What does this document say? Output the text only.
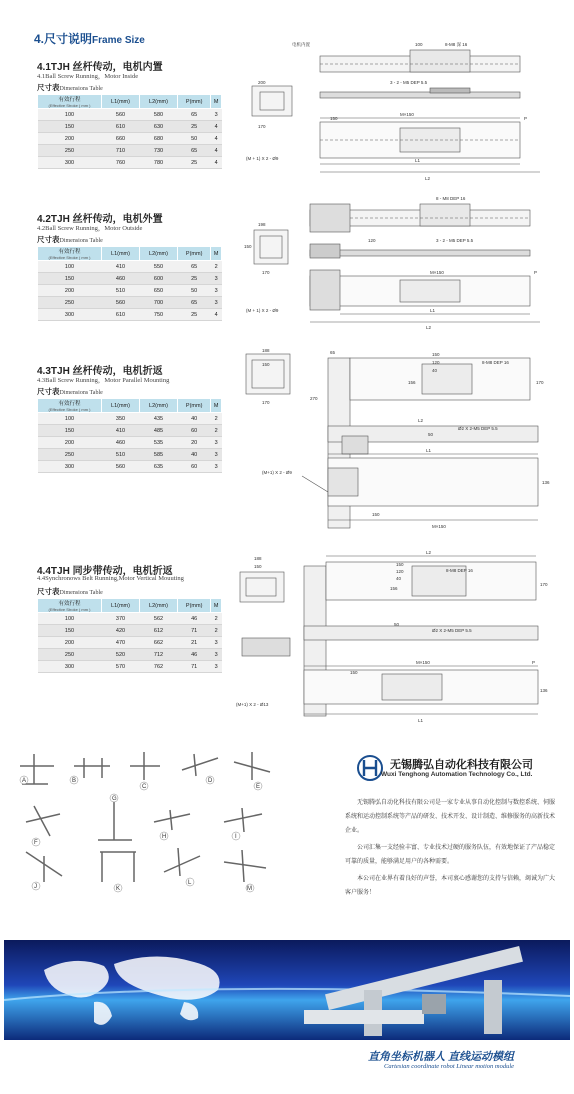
4.尺寸说明Frame Size
4.1TJH 丝杆传动，电机内置
4.1Ball Screw Running，Motor Inside
尺寸表Dimensions Table
有效行程
(Effective Stroke ( mm )	L1(mm)	L2(mm)	P(mm)	M
100	560	580	65	3
150	610	630	25	4
200	660	680	50	4
250	710	730	65	4
300	760	780	25	4
电机内置	100	8-M8 深 16
3 - 2 - M5 DEP 5.5
200
M×150
P
L1
L2
(M + 1) X 2 - Ø9
170
150
4.2TJH 丝杆传动，电机外置
4.2Ball Screw Running，Motor Outside
尺寸表Dimensions Table
有效行程
(Effective Stroke ( mm )	L1(mm)	L2(mm)	P(mm)	M
100	410	550	65	2
150	460	600	25	3
200	510	650	50	3
250	560	700	65	3
300	610	750	25	4
8 - M8 DEP 16
198
150
170
3 - 2 - M5 DEP 5.5
M×150	P
L1
L2
(M + 1) X 2 - Ø9
120
4.3TJH 丝杆传动，电机折返
4.3Ball Screw Running，Motor Parallel Mounting
尺寸表Dimensions Table
有效行程
(Effective Stroke ( mm )	L1(mm)	L2(mm)	P(mm)	M
100	350	435	40	2
150	410	485	60	2
200	460	535	20	3
250	510	585	40	3
300	560	635	60	3
188
150
170
65	150
120
40
8-M8 DEP 16
156	170
270
L2
Ø2 X 2-M5 DEP 5.5
50
L1
(M+1) X 2 - Ø9
150
M×150
136
4.4TJH 同步带传动，电机折返
4.4Synchronows Belt Running,Motor Vertical Mouuting
尺寸表Dimensions Table
有效行程
(Effective Stroke ( mm )	L1(mm)	L2(mm)	P(mm)	M
100	370	562	46	2
150	420	612	71	2
200	470	662	21	3
250	520	712	46	3
300	570	762	71	3
188
150
L2
150
120
40
8-M8 DEP 16
156
170
50
Ø2 X 2-M5 DEP 5.5
M×150	P
150
136
(M+1) X 2 - Ø13
L1
A	B
C
D
E
F
G
H	I
J	K
L
M
无锡腾弘自动化科技有限公司
Wuxi Tenghong Automation Technology Co., Ltd.

无锡腾弘自动化科技有限公司是一家专业从事自动化控制与数控系统、伺服系统和运动控制系统等产品的研发、技术开发、设计制造、维修服务的高新技术企业。

公司汇集一支经验丰富、专业技术过硬的服务队伍，有效地保证了产品稳定可靠的质量，能够满足用户的各种需要。

本公司在业界有着良好的声誉，本司衷心感谢您的支持与信赖，竭诚为广大客户服务！

直角坐标机器人 直线运动模组
Cartesian coordinate robot Linear motion module
